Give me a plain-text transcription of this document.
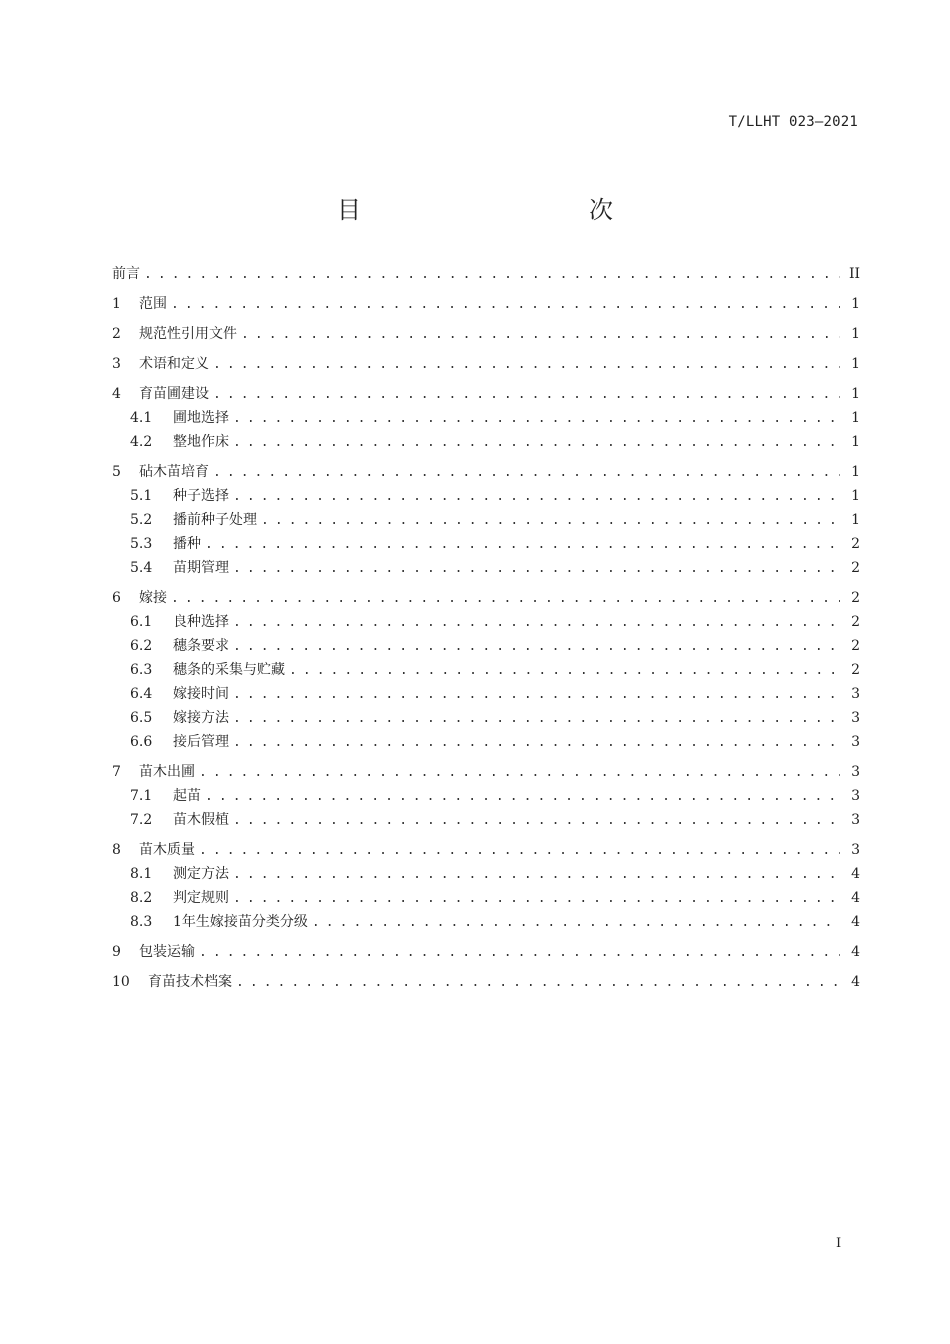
T/LLHT 023—2021
目　　次
前言 . . .	II
1	范围 . . .	1
2	规范性引用文件 . . .	1
3	术语和定义 . . .	1
4	育苗圃建设 . . .	1
4.1	圃地选择 . . .	1
4.2	整地作床 . . .	1
5	砧木苗培育 . . .	1
5.1	种子选择 . . .	1
5.2	播前种子处理 . . .	1
5.3	播种 . . .	2
5.4	苗期管理 . . .	2
6	嫁接 . . .	2
6.1	良种选择 . . .	2
6.2	穗条要求 . . .	2
6.3	穗条的采集与贮藏 . . .	2
6.4	嫁接时间 . . .	3
6.5	嫁接方法 . . .	3
6.6	接后管理 . . .	3
7	苗木出圃 . . .	3
7.1	起苗 . . .	3
7.2	苗木假植 . . .	3
8	苗木质量 . . .	3
8.1	测定方法 . . .	4
8.2	判定规则 . . .	4
8.3	1年生嫁接苗分类分级 . . .	4
9	包装运输 . . .	4
10	育苗技术档案 . . .	4
I
